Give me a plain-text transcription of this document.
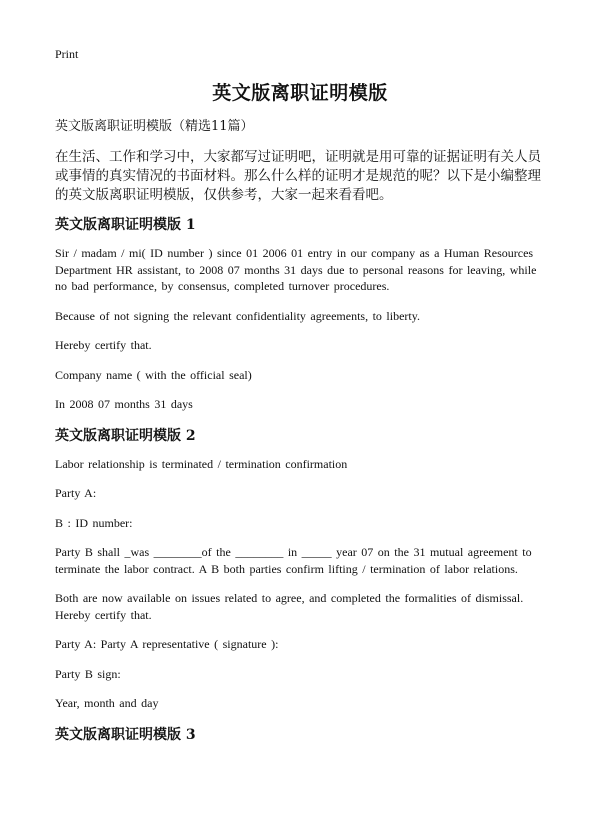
Print
英文版离职证明模版

英文版离职证明模版（精选11篇）

在生活、工作和学习中，大家都写过证明吧，证明就是用可靠的证据证明有关人员或事情的真实情况的书面材料。那么什么样的证明才是规范的呢？以下是小编整理的英文版离职证明模版，仅供参考，大家一起来看看吧。

英文版离职证明模版 1

Sir / madam / mi( ID number ) since 01 2006 01 entry in our company as a Human Resources Department HR assistant, to 2008 07 months 31 days due to personal reasons for leaving, while no bad performance, by consensus, completed turnover procedures.

Because of not signing the relevant confidentiality agreements, to liberty.

Hereby certify that.

Company name ( with the official seal)

In 2008 07 months 31 days

英文版离职证明模版 2

Labor relationship is terminated / termination confirmation

Party A:

B : ID number:

Party B shall _was ________of the ________ in _____ year 07 on the 31 mutual agreement to terminate the labor contract. A B both parties confirm lifting / termination of labor relations.

Both are now available on issues related to agree, and completed the formalities of dismissal. Hereby certify that.

Party A: Party A representative ( signature ):

Party B sign:

Year, month and day

英文版离职证明模版 3
